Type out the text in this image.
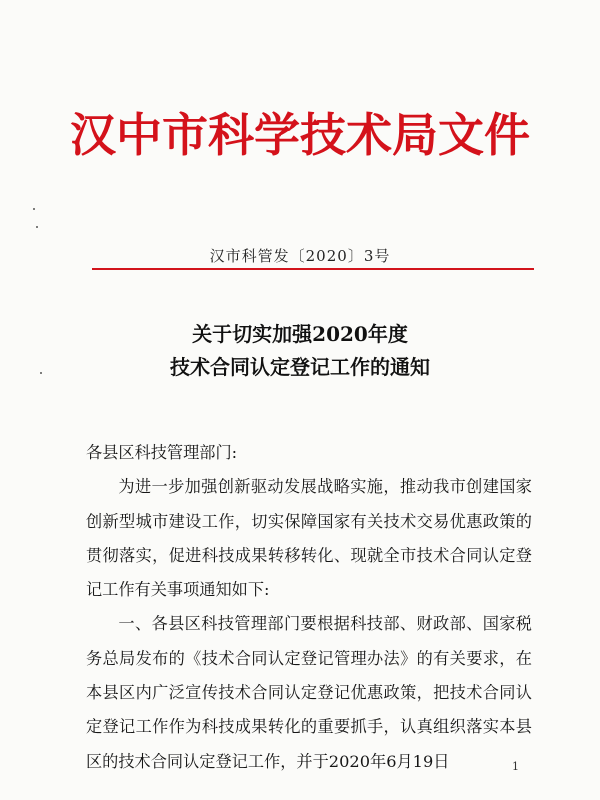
汉中市科学技术局文件
汉市科管发〔2020〕3号
关于切实加强2020年度
技术合同认定登记工作的通知

各县区科技管理部门:

为进一步加强创新驱动发展战略实施，推动我市创建国家创新型城市建设工作，切实保障国家有关技术交易优惠政策的贯彻落实，促进科技成果转移转化、现就全市技术合同认定登记工作有关事项通知如下:

一、各县区科技管理部门要根据科技部、财政部、国家税务总局发布的《技术合同认定登记管理办法》的有关要求，在本县区内广泛宣传技术合同认定登记优惠政策，把技术合同认定登记工作作为科技成果转化的重要抓手，认真组织落实本县区的技术合同认定登记工作，并于2020年6月19日	1
